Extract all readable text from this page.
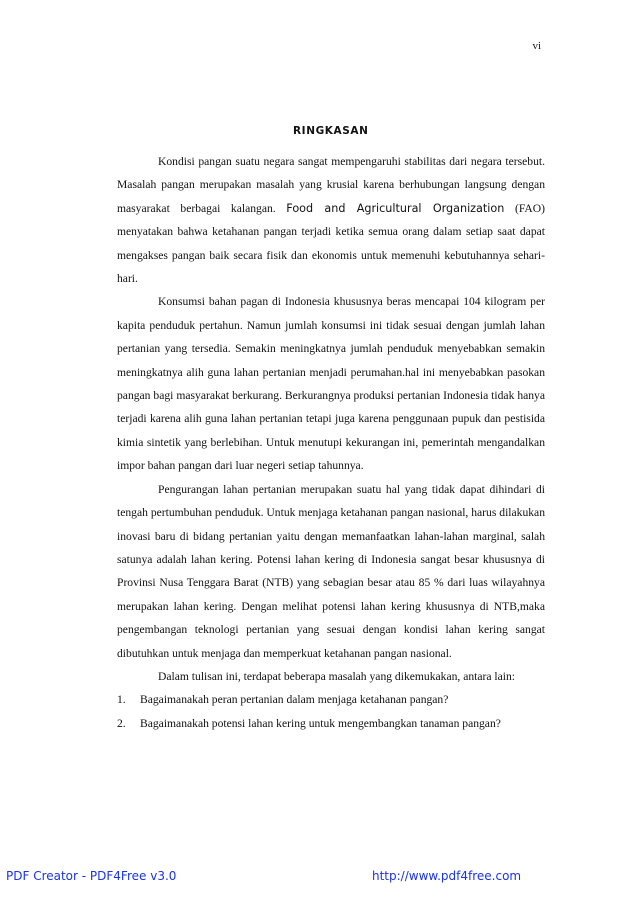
vi
RINGKASAN

Kondisi pangan suatu negara sangat mempengaruhi stabilitas dari negara tersebut. Masalah pangan merupakan masalah yang krusial karena berhubungan langsung dengan masyarakat berbagai kalangan. Food and Agricultural Organization (FAO) menyatakan bahwa ketahanan pangan terjadi ketika semua orang dalam setiap saat dapat mengakses pangan baik secara fisik dan ekonomis untuk memenuhi kebutuhannya sehari-hari.

Konsumsi bahan pagan di Indonesia khususnya beras mencapai 104 kilogram per kapita penduduk pertahun. Namun jumlah konsumsi ini tidak sesuai dengan jumlah lahan pertanian yang tersedia. Semakin meningkatnya jumlah penduduk menyebabkan semakin meningkatnya alih guna lahan pertanian menjadi perumahan.hal ini menyebabkan pasokan pangan bagi masyarakat berkurang. Berkurangnya produksi pertanian Indonesia tidak hanya terjadi karena alih guna lahan pertanian tetapi juga karena penggunaan pupuk dan pestisida kimia sintetik yang berlebihan. Untuk menutupi kekurangan ini, pemerintah mengandalkan impor bahan pangan dari luar negeri setiap tahunnya.

Pengurangan lahan pertanian merupakan suatu hal yang tidak dapat dihindari di tengah pertumbuhan penduduk. Untuk menjaga ketahanan pangan nasional, harus dilakukan inovasi baru di bidang pertanian yaitu dengan memanfaatkan lahan-lahan marginal, salah satunya adalah lahan kering. Potensi lahan kering di Indonesia sangat besar khususnya di Provinsi Nusa Tenggara Barat (NTB) yang sebagian besar atau 85 % dari luas wilayahnya merupakan lahan kering. Dengan melihat potensi lahan kering khususnya di NTB,maka pengembangan teknologi pertanian yang sesuai dengan kondisi lahan kering sangat dibutuhkan untuk menjaga dan memperkuat ketahanan pangan nasional.

Dalam tulisan ini, terdapat beberapa masalah yang dikemukakan, antara lain:

1. Bagaimanakah peran pertanian dalam menjaga ketahanan pangan?
2. Bagaimanakah potensi lahan kering untuk mengembangkan tanaman pangan?
PDF Creator - PDF4Free v3.0	http://www.pdf4free.com
